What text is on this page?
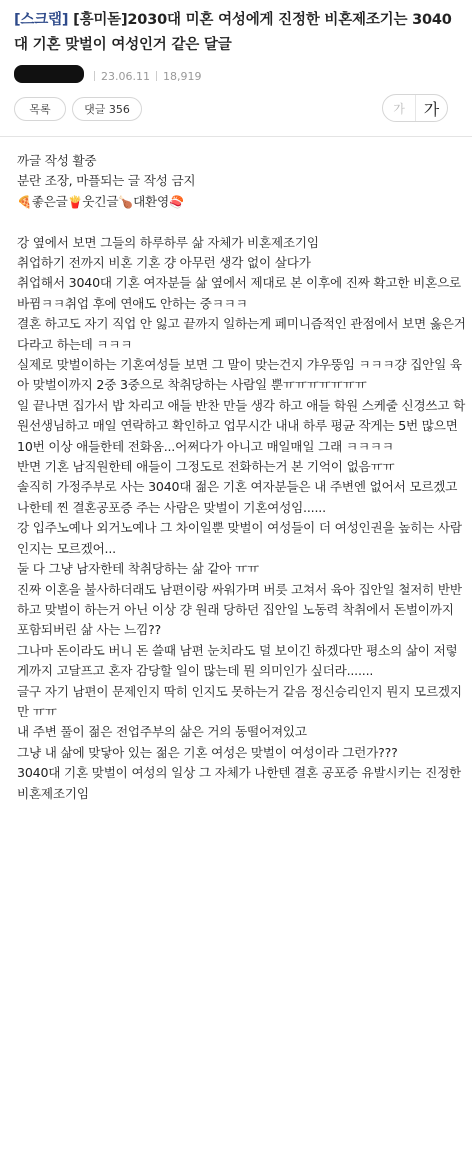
[스크랩] [흥미돋]2030대 미혼 여성에게 진정한 비혼제조기는 3040대 기혼 맞벌이 여성인거 같은 달글
23.06.11 18,919
목록	댓글 356	가	가
까글 작성 활중
분란 조장, 마플되는 글 작성 금지
🍕좋은글🍟웃긴글🍗대환영🍣
강 옆에서 보면 그들의 하루하루 삶 자체가 비혼제조기임
취업하기 전까지 비혼 기혼 걍 아무런 생각 없이 살다가
취업해서 3040대 기혼 여자분들 삶 옆에서 제대로 본 이후에 진짜 확고한 비혼으로 바뀜ㅋㅋ취업 후에 연애도 안하는 중ㅋㅋㅋ
결혼 하고도 자기 직업 안 잃고 끝까지 일하는게 페미니즘적인 관점에서 보면 옳은거다라고 하는데 ㅋㅋㅋ
실제로 맞벌이하는 기혼여성들 보면 그 말이 맞는건지 갸우뚱임 ㅋㅋㅋ걍 집안일 육아 맞벌이까지 2중 3중으로 착취당하는 사람일 뿐ㅠㅠㅠㅠㅠㅠㅠ
일 끝나면 집가서 밥 차리고 애들 반찬 만들 생각 하고 애들 학원 스케줄 신경쓰고 학원선생님하고 매일 연락하고 확인하고 업무시간 내내 하루 평균 작게는 5번 많으면 10번 이상 애들한테 전화옴...어쩌다가 아니고 매일매일 그래 ㅋㅋㅋㅋ
반면 기혼 남직원한테 애들이 그정도로 전화하는거 본 기억이 없음ㅠㅠ
솔직히 가정주부로 사는 3040대 젊은 기혼 여자분들은 내 주변엔 없어서 모르겠고 나한테 찐 결혼공포증 주는 사람은 맞벌이 기혼여성임......
강 입주노예나 외거노예나 그 차이일뿐 맞벌이 여성들이 더 여성인권을 높히는 사람인지는 모르겠어...
둘 다 그냥 남자한테 착취당하는 삶 같아 ㅠㅠ
진짜 이혼을 불사하더래도 남편이랑 싸워가며 버릇 고쳐서 육아 집안일 철저히 반반하고 맞벌이 하는거 아닌 이상 걍 원래 당하던 집안일 노동력 착취에서 돈벌이까지 포함되버린 삶 사는 느낌??
그나마 돈이라도 버니 돈 쓸때 남편 눈치라도 덜 보이긴 하겠다만 평소의 삶이 저렇게까지 고달프고 혼자 감당할 일이 많는데 뭔 의미인가 싶더라.......
글구 자기 남편이 문제인지 딱히 인지도 못하는거 같음 정신승리인지 뭔지 모르겠지만 ㅠㅠ
내 주변 풀이 젊은 전업주부의 삶은 거의 동떨어져있고
그냥 내 삶에 맞닿아 있는 젊은 기혼 여성은 맞벌이 여성이라 그런가???
3040대 기혼 맞벌이 여성의 일상 그 자체가 나한텐 결혼 공포증 유발시키는 진정한 비혼제조기임
